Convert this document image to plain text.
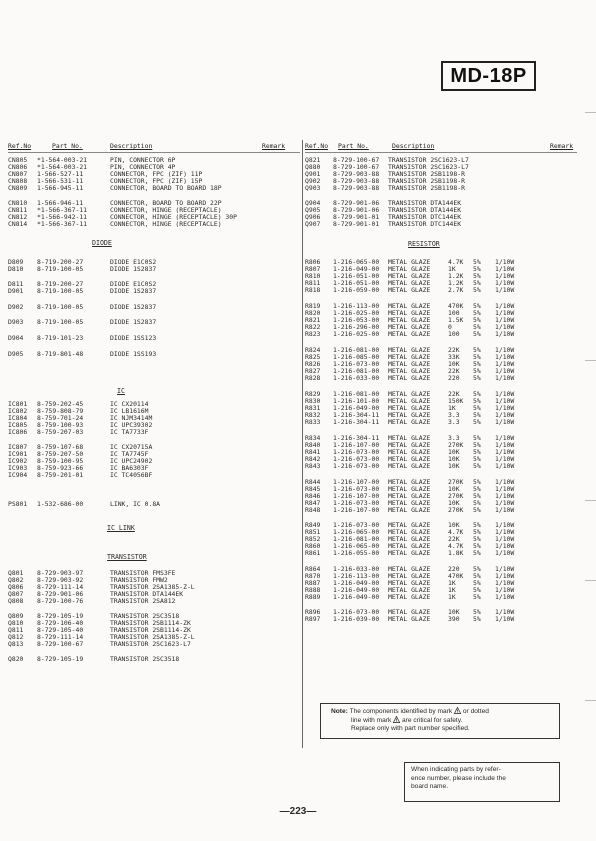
MD-18P
Ref.No	Part No.	Description	Remark	Ref.No Part No.	Description	Remark
DIODE
IC
IC LINK
TRANSISTOR
RESISTOR
CN805 *1-564-003-21	PIN, CONNECTOR 6P
CN806 *1-564-003-21	PIN, CONNECTOR 4P
CN807 1-566-527-11	CONNECTOR, FPC (ZIF) 11P
CN808 1-566-531-11	CONNECTOR, FPC (ZIF) 15P
CN809 1-566-945-11	CONNECTOR, BOARD TO BOARD 18P
CN810 1-566-946-11	CONNECTOR, BOARD TO BOARD 22P
CN811 *1-566-367-11	CONNECTOR, HINGE (RECEPTACLE)
CN812 *1-566-942-11	CONNECTOR, HINGE (RECEPTACLE) 30P
CN814 *1-566-367-11	CONNECTOR, HINGE (RECEPTACLE)
D809 8-719-200-27	DIODE E1C0S2
D810 8-719-100-05	DIODE 1S2837
D811 8-719-200-27	DIODE E1C0S2
D901 8-719-100-05	DIODE 1S2837
D902 8-719-100-05	DIODE 1S2837
D903 8-719-100-05	DIODE 1S2837
D904 8-719-101-23	DIODE 1SS123
D905 8-719-801-48	DIODE 1SS193
IC801 8-759-202-45	IC CX20114
IC802 8-759-808-79	IC LB1616M
IC804 8-759-701-24	IC NJM3414M
IC805 8-759-100-93	IC UPC39302
IC806 8-759-207-03	IC TA7733F
IC807 8-759-107-68	IC CX20715A
IC901 8-759-207-50	IC TA7745F
IC902 8-759-100-95	IC UPC24902
IC903 8-759-923-66	IC BA6303F
IC904 8-759-201-01	IC TC4056BF
PS801 1-532-686-00	LINK, IC 0.8A
Q801 8-729-903-97	TRANSISTOR FMS3FE
Q802 8-729-903-92	TRANSISTOR FMW2
Q806 8-729-111-14	TRANSISTOR 2SA1385-Z-L
Q807 8-729-901-06	TRANSISTOR DTA144EK
Q808 8-729-100-76	TRANSISTOR 2SA812
Q809 8-729-105-19	TRANSISTOR 2SC3518
Q810 8-729-106-40	TRANSISTOR 2SB1114-ZK
Q811 8-729-105-40	TRANSISTOR 2SB1114-ZK
Q812 8-729-111-14	TRANSISTOR 2SA1385-Z-L
Q813 8-729-100-67	TRANSISTOR 2SC1623-L7
Q820 8-729-105-19	TRANSISTOR 2SC3518
Q821 8-729-100-67 TRANSISTOR 2SC1623-L7
Q880 8-729-100-67 TRANSISTOR 2SC1623-L7
Q901 8-729-903-88 TRANSISTOR 2SB1198-R
Q902 8-729-903-88 TRANSISTOR 2SB1198-R
Q903 8-729-903-88 TRANSISTOR 2SB1198-R
Q904 8-729-901-06 TRANSISTOR DTA144EK
Q905 8-729-901-06 TRANSISTOR DTA144EK
Q906 8-729-901-01 TRANSISTOR DTC144EK
Q907 8-729-901-01 TRANSISTOR DTC144EK
R806 1-216-065-00 METAL GLAZE	4.7K 5% 1/10W
R807 1-216-049-00 METAL GLAZE	1K	5% 1/10W
R810 1-216-051-00 METAL GLAZE	1.2K 5% 1/10W
R811 1-216-051-00 METAL GLAZE	1.2K 5% 1/10W
R818 1-216-059-00 METAL GLAZE	2.7K 5% 1/10W
R819 1-216-113-00 METAL GLAZE	470K 5% 1/10W
R820 1-216-025-00 METAL GLAZE	100 5% 1/10W
R821 1-216-053-00 METAL GLAZE	1.5K 5% 1/10W
R822 1-216-296-00 METAL GLAZE	0	5% 1/10W
R823 1-216-025-00 METAL GLAZE	100 5% 1/10W
R824 1-216-081-00 METAL GLAZE	22K 5% 1/10W
R825 1-216-085-00 METAL GLAZE	33K 5% 1/10W
R826 1-216-073-00 METAL GLAZE	10K 5% 1/10W
R827 1-216-081-00 METAL GLAZE	22K 5% 1/10W
R828 1-216-033-00 METAL GLAZE	220 5% 1/10W
R829 1-216-081-00 METAL GLAZE	22K 5% 1/10W
R830 1-216-101-00 METAL GLAZE	150K 5% 1/10W
R831 1-216-049-00 METAL GLAZE	1K	5% 1/10W
R832 1-216-304-11 METAL GLAZE	3.3 5% 1/10W
R833 1-216-304-11 METAL GLAZE	3.3 5% 1/10W
R834 1-216-304-11 METAL GLAZE	3.3 5% 1/10W
R840 1-216-107-00 METAL GLAZE	270K 5% 1/10W
R841 1-216-073-00 METAL GLAZE	10K 5% 1/10W
R842 1-216-073-00 METAL GLAZE	10K 5% 1/10W
R843 1-216-073-00 METAL GLAZE	10K 5% 1/10W
R844 1-216-107-00 METAL GLAZE	270K 5% 1/10W
R845 1-216-073-00 METAL GLAZE	10K 5% 1/10W
R846 1-216-107-00 METAL GLAZE	270K 5% 1/10W
R847 1-216-073-00 METAL GLAZE	10K 5% 1/10W
R848 1-216-107-00 METAL GLAZE	270K 5% 1/10W
R849 1-216-073-00 METAL GLAZE	10K 5% 1/10W
R851 1-216-065-00 METAL GLAZE	4.7K 5% 1/10W
R852 1-216-081-00 METAL GLAZE	22K 5% 1/10W
R860 1-216-065-00 METAL GLAZE	4.7K 5% 1/10W
R861 1-216-055-00 METAL GLAZE	1.8K 5% 1/10W
R864 1-216-033-00 METAL GLAZE	220 5% 1/10W
R870 1-216-113-00 METAL GLAZE	470K 5% 1/10W
R887 1-216-049-00 METAL GLAZE	1K	5% 1/10W
R888 1-216-049-00 METAL GLAZE	1K	5% 1/10W
R889 1-216-049-00 METAL GLAZE	1K	5% 1/10W
R896 1-216-073-00 METAL GLAZE	10K 5% 1/10W
R897 1-216-039-00 METAL GLAZE	390 5% 1/10W
Note: The components identified by mark or dotted
line with mark are critical for safety.
Replace only with part number specified.
When indicating parts by refer-
ence number, please include the
board name.
—223—
